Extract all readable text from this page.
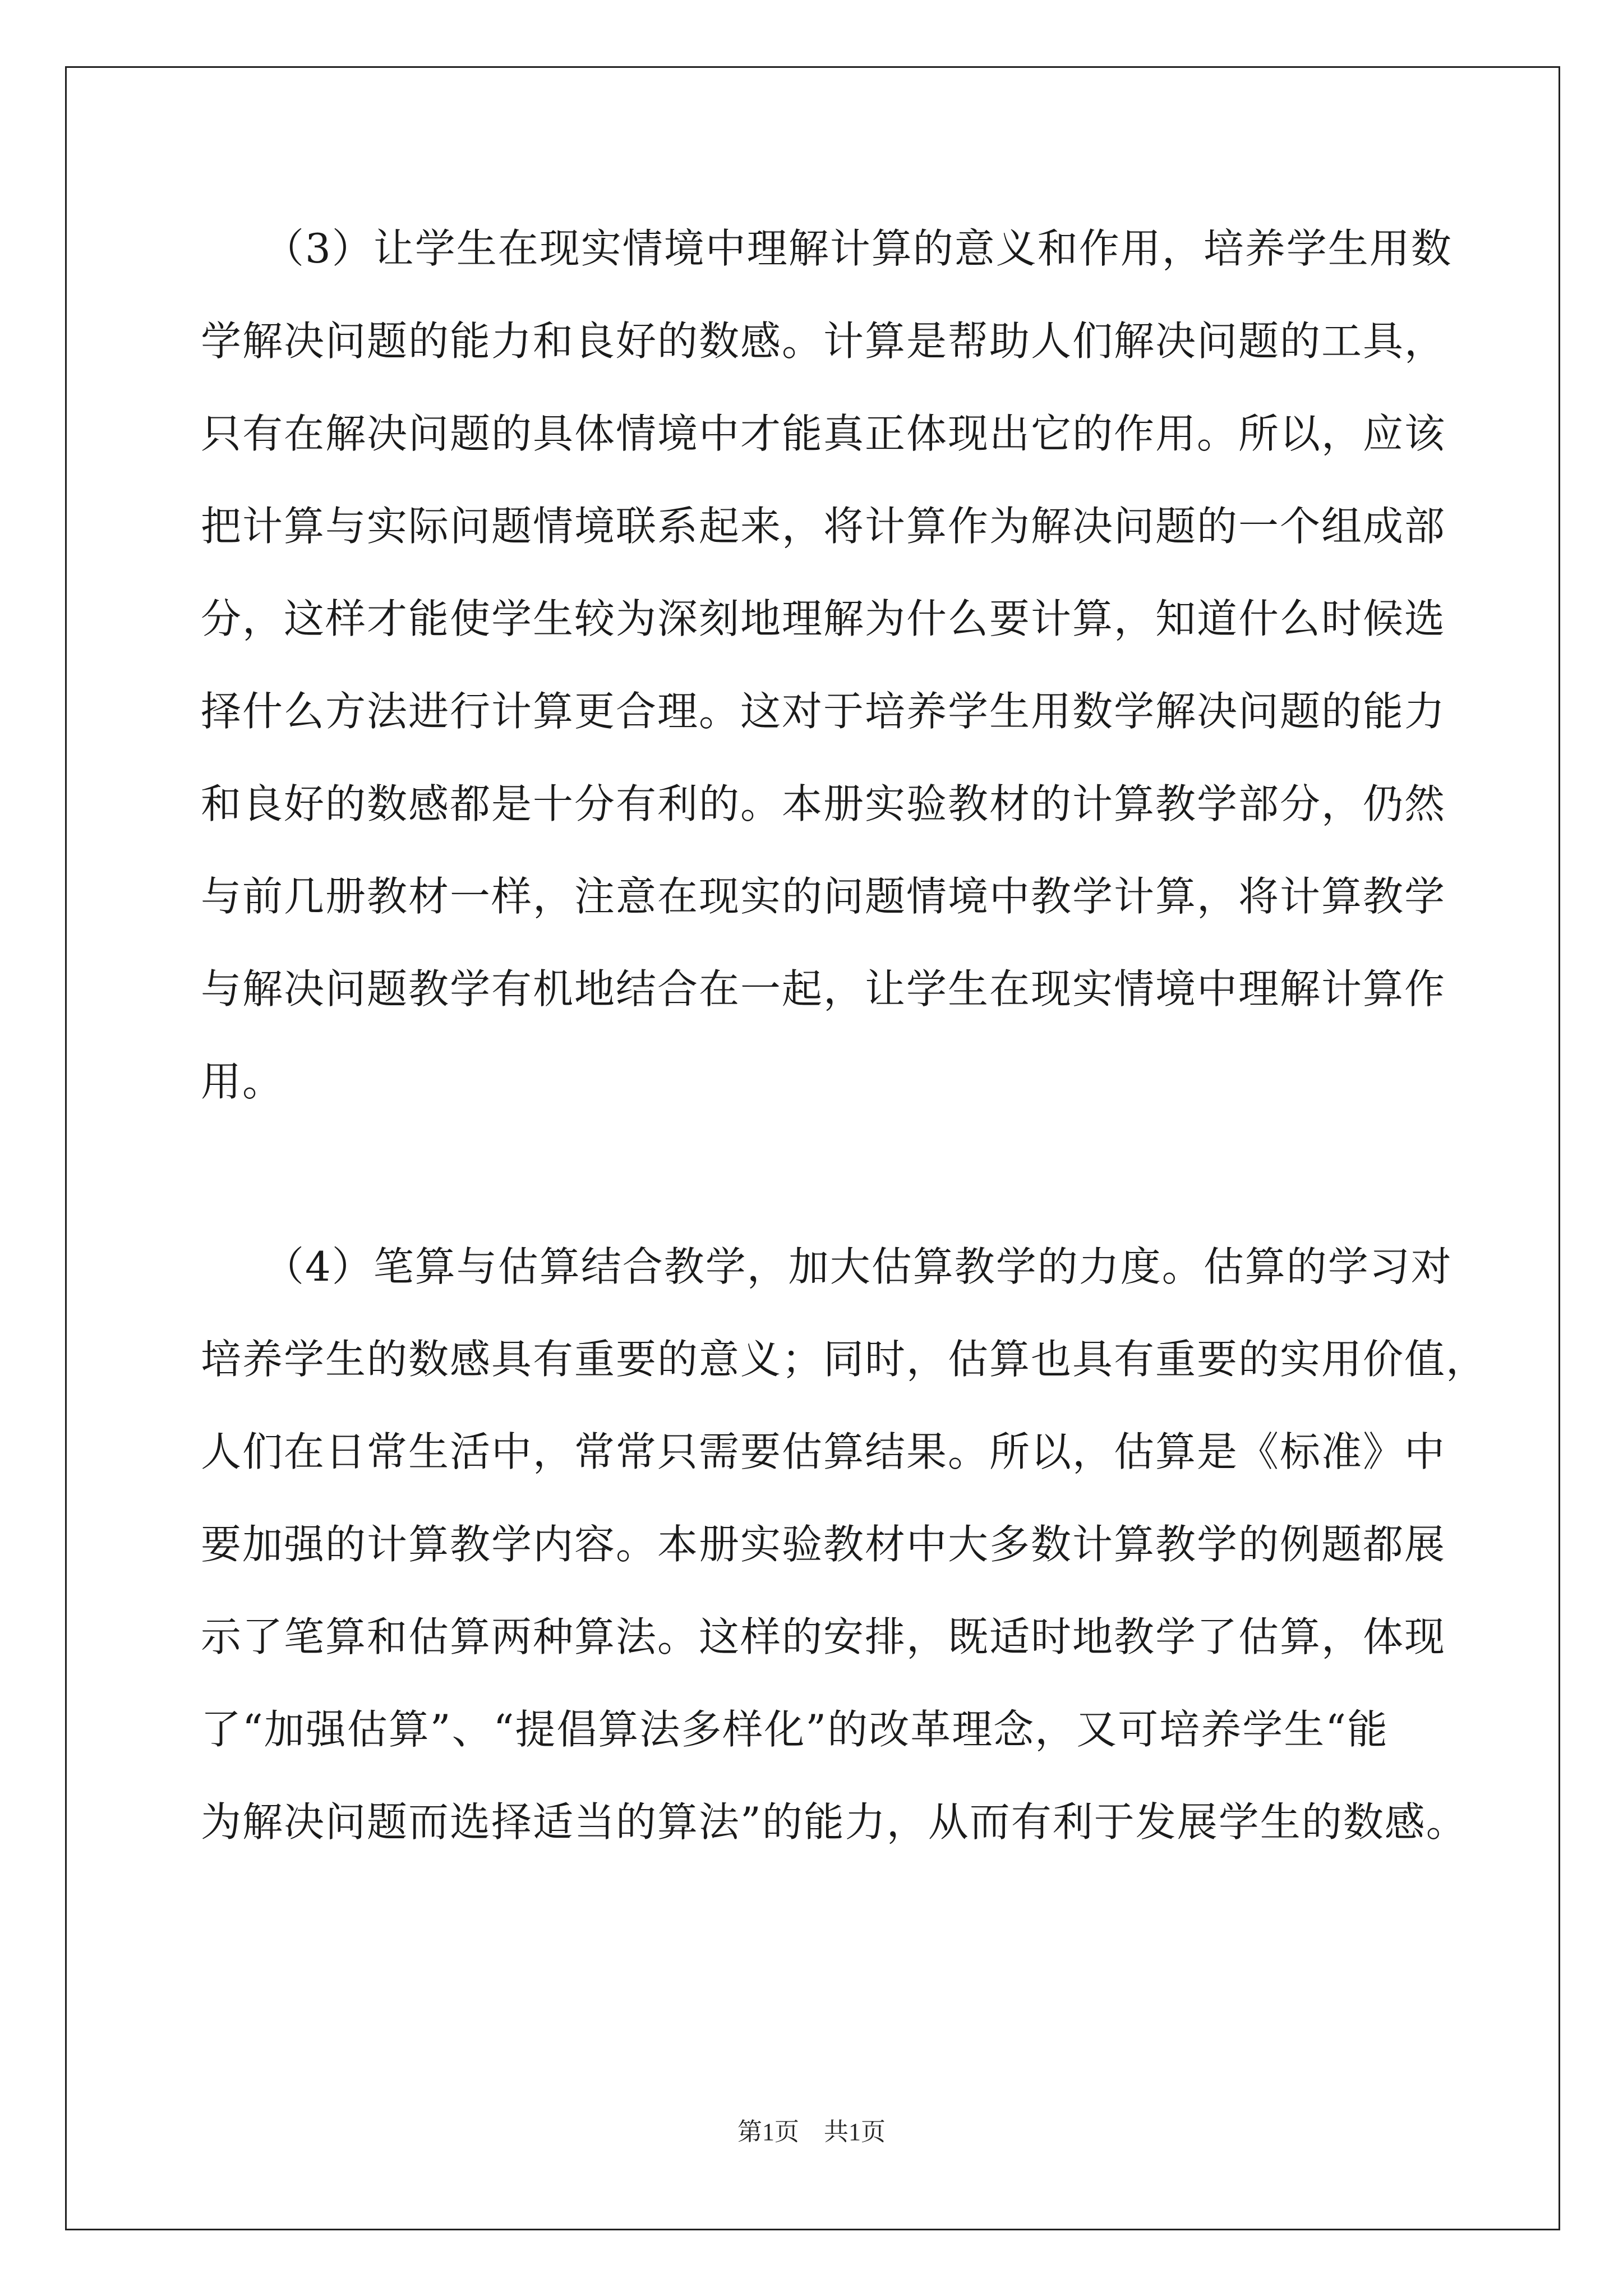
　　（3）让学生在现实情境中理解计算的意义和作用，培养学生用数
学解决问题的能力和良好的数感。计算是帮助人们解决问题的工具，
只有在解决问题的具体情境中才能真正体现出它的作用。所以，应该
把计算与实际问题情境联系起来，将计算作为解决问题的一个组成部
分，这样才能使学生较为深刻地理解为什么要计算，知道什么时候选
择什么方法进行计算更合理。这对于培养学生用数学解决问题的能力
和良好的数感都是十分有利的。本册实验教材的计算教学部分，仍然
与前几册教材一样，注意在现实的问题情境中教学计算，将计算教学
与解决问题教学有机地结合在一起，让学生在现实情境中理解计算作
用。
　　（4）笔算与估算结合教学，加大估算教学的力度。估算的学习对
培养学生的数感具有重要的意义；同时，估算也具有重要的实用价值，
人们在日常生活中，常常只需要估算结果。所以，估算是《标准》中
要加强的计算教学内容。本册实验教材中大多数计算教学的例题都展
示了笔算和估算两种算法。这样的安排，既适时地教学了估算，体现
了“加强估算”、“提倡算法多样化”的改革理念，又可培养学生“能
为解决问题而选择适当的算法”的能力，从而有利于发展学生的数感。
第1页　共1页
